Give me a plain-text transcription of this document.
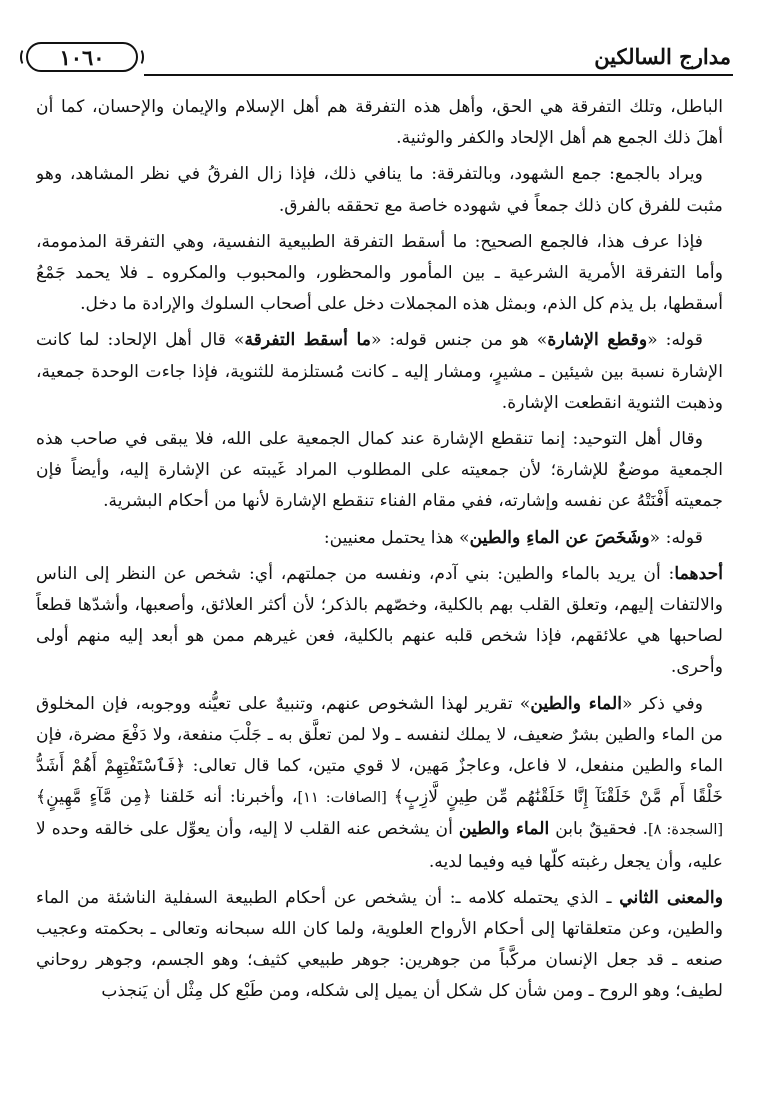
١٠٦٠	مدارج السالكين

الباطل، وتلك التفرقة هي الحق، وأهل هذه التفرقة هم أهل الإسلام والإيمان والإحسان، كما أن أهلَ ذلك الجمع هم أهل الإلحاد والكفر والوثنية.

ويراد بالجمع: جمع الشهود، وبالتفرقة: ما ينافي ذلك، فإذا زال الفرقُ في نظر المشاهد، وهو مثبت للفرق كان ذلك جمعاً في شهوده خاصة مع تحققه بالفرق.

فإذا عرف هذا، فالجمع الصحيح: ما أسقط التفرقة الطبيعية النفسية، وهي التفرقة المذمومة، وأما التفرقة الأمرية الشرعية ـ بين المأمور والمحظور، والمحبوب والمكروه ـ فلا يحمد جَمْعُ أسقطها، بل يذم كل الذم، وبمثل هذه المجملات دخل على أصحاب السلوك والإرادة ما دخل.

قوله: «وقطع الإشارة» هو من جنس قوله: «ما أسقط التفرقة» قال أهل الإلحاد: لما كانت الإشارة نسبة بين شيئين ـ مشيرٍ، ومشار إليه ـ كانت مُستلزمة للثنوية، فإذا جاءت الوحدة جمعية، وذهبت الثنوية انقطعت الإشارة.

وقال أهل التوحيد: إنما تنقطع الإشارة عند كمال الجمعية على الله، فلا يبقى في صاحب هذه الجمعية موضعٌ للإشارة؛ لأن جمعيته على المطلوب المراد غَيبته عن الإشارة إليه، وأيضاً فإن جمعيته أَفْنَتْهُ عن نفسه وإشارته، ففي مقام الفناء تنقطع الإشارة لأنها من أحكام البشرية.

قوله: «وشَخَصَ عن الماءِ والطين» هذا يحتمل معنيين:

أحدهما: أن يريد بالماء والطين: بني آدم، ونفسه من جملتهم، أي: شخص عن النظر إلى الناس والالتفات إليهم، وتعلق القلب بهم بالكلية، وخصّهم بالذكر؛ لأن أكثر العلائق، وأصعبها، وأشدّها قطعاً لصاحبها هي علائقهم، فإذا شخص قلبه عنهم بالكلية، فعن غيرهم ممن هو أبعد إليه منهم أولى وأحرى.

وفي ذكر «الماء والطين» تقرير لهذا الشخوص عنهم، وتنبيهٌ على تعيُّنه ووجوبه، فإن المخلوق من الماء والطين بشرٌ ضعيف، لا يملك لنفسه ـ ولا لمن تعلَّق به ـ جَلْبَ منفعة، ولا دَفْعَ مضرة، فإن الماء والطين منفعل، لا فاعل، وعاجزٌ مَهين، لا قوي متين، كما قال تعالى: ﴿فَٱسْتَفْتِهِمْ أَهُمْ أَشَدُّ خَلْقًا أَم مَّنْ خَلَقْنَآ إِنَّا خَلَقْنَٰهُم مِّن طِينٍ لَّازِبٍ﴾ [الصافات: ١١]، وأخبرنا: أنه خَلقنا ﴿مِن مَّآءٍ مَّهِينٍ﴾ [السجدة: ٨]. فحقيقٌ بابن الماء والطين أن يشخص عنه القلب لا إليه، وأن يعوِّل على خالقه وحده لا عليه، وأن يجعل رغبته كلّها فيه وفيما لديه.

والمعنى الثاني ـ الذي يحتمله كلامه ـ: أن يشخص عن أحكام الطبيعة السفلية الناشئة من الماء والطين، وعن متعلقاتها إلى أحكام الأرواح العلوية، ولما كان الله سبحانه وتعالى ـ بحكمته وعجيب صنعه ـ قد جعل الإنسان مركَّباً من جوهرين: جوهر طبيعي كثيف؛ وهو الجسم، وجوهر روحاني لطيف؛ وهو الروح ـ ومن شأن كل شكل أن يميل إلى شكله، ومن طَبْع كل مِثْل أن يَنجذب
